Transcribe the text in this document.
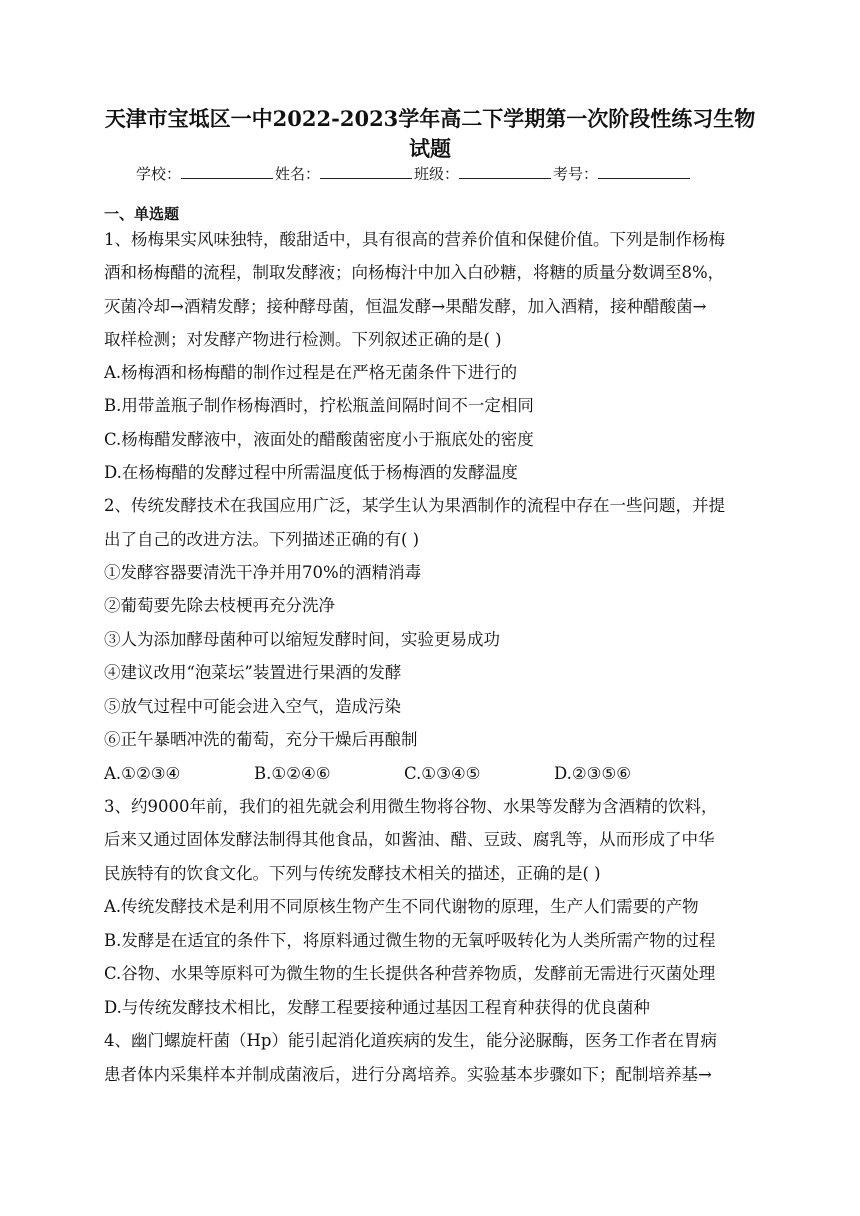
天津市宝坻区一中2022-2023学年高二下学期第一次阶段性练习生物
试题
学校：	姓名：	班级：	考号：
一、单选题
1、杨梅果实风味独特，酸甜适中，具有很高的营养价值和保健价值。下列是制作杨梅
酒和杨梅醋的流程，制取发酵液；向杨梅汁中加入白砂糖，将糖的质量分数调至8%，
灭菌冷却→酒精发酵；接种酵母菌，恒温发酵→果醋发酵，加入酒精，接种醋酸菌→
取样检测；对发酵产物进行检测。下列叙述正确的是( )
A.杨梅酒和杨梅醋的制作过程是在严格无菌条件下进行的
B.用带盖瓶子制作杨梅酒时，拧松瓶盖间隔时间不一定相同
C.杨梅醋发酵液中，液面处的醋酸菌密度小于瓶底处的密度
D.在杨梅醋的发酵过程中所需温度低于杨梅酒的发酵温度
2、传统发酵技术在我国应用广泛，某学生认为果酒制作的流程中存在一些问题，并提
出了自己的改进方法。下列描述正确的有( )
①发酵容器要清洗干净并用70%的酒精消毒
②葡萄要先除去枝梗再充分洗净
③人为添加酵母菌种可以缩短发酵时间，实验更易成功
④建议改用“泡菜坛”装置进行果酒的发酵
⑤放气过程中可能会进入空气，造成污染
⑥正午暴晒冲洗的葡萄，充分干燥后再酿制
A.①②③④	B.①②④⑥	C.①③④⑤	D.②③⑤⑥
3、约9000年前，我们的祖先就会利用微生物将谷物、水果等发酵为含酒精的饮料，
后来又通过固体发酵法制得其他食品，如酱油、醋、豆豉、腐乳等，从而形成了中华
民族特有的饮食文化。下列与传统发酵技术相关的描述，正确的是( )
A.传统发酵技术是利用不同原核生物产生不同代谢物的原理，生产人们需要的产物
B.发酵是在适宜的条件下，将原料通过微生物的无氧呼吸转化为人类所需产物的过程
C.谷物、水果等原料可为微生物的生长提供各种营养物质，发酵前无需进行灭菌处理
D.与传统发酵技术相比，发酵工程要接种通过基因工程育种获得的优良菌种
4、幽门螺旋杆菌（Hp）能引起消化道疾病的发生，能分泌脲酶，医务工作者在胃病
患者体内采集样本并制成菌液后，进行分离培养。实验基本步骤如下；配制培养基→
